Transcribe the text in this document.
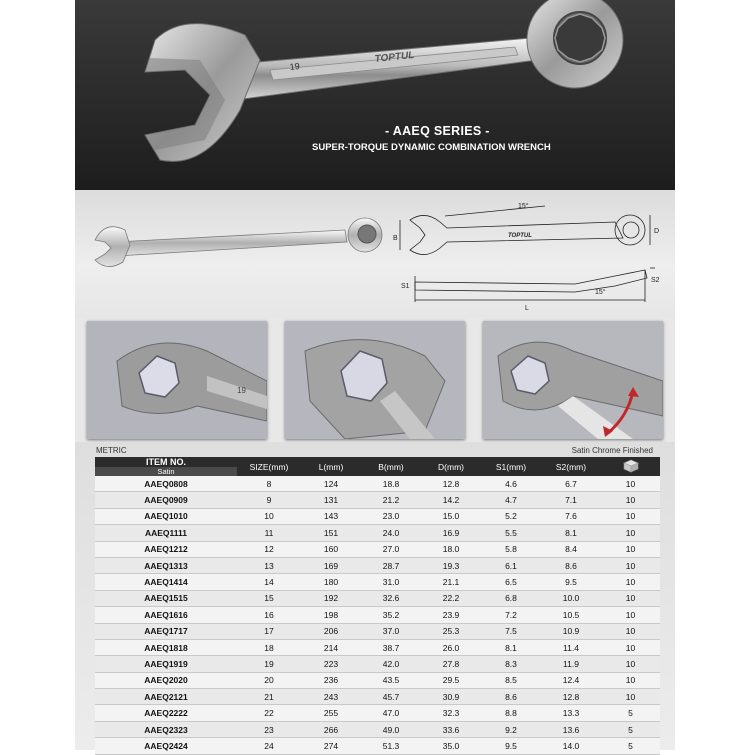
19
TOPTUL
- AAEQ SERIES -
SUPER-TORQUE DYNAMIC COMBINATION WRENCH
15°
B
D
TOPTUL
S1
S2
15°
L
19
METRIC	Satin Chrome Finished
ITEM NO.
Satin	SIZE(mm)	L(mm)	B(mm)	D(mm)	S1(mm)	S2(mm)	
AAEQ0808	8	124	18.8	12.8	4.6	6.7	10
AAEQ0909	9	131	21.2	14.2	4.7	7.1	10
AAEQ1010	10	143	23.0	15.0	5.2	7.6	10
AAEQ1111	11	151	24.0	16.9	5.5	8.1	10
AAEQ1212	12	160	27.0	18.0	5.8	8.4	10
AAEQ1313	13	169	28.7	19.3	6.1	8.6	10
AAEQ1414	14	180	31.0	21.1	6.5	9.5	10
AAEQ1515	15	192	32.6	22.2	6.8	10.0	10
AAEQ1616	16	198	35.2	23.9	7.2	10.5	10
AAEQ1717	17	206	37.0	25.3	7.5	10.9	10
AAEQ1818	18	214	38.7	26.0	8.1	11.4	10
AAEQ1919	19	223	42.0	27.8	8.3	11.9	10
AAEQ2020	20	236	43.5	29.5	8.5	12.4	10
AAEQ2121	21	243	45.7	30.9	8.6	12.8	10
AAEQ2222	22	255	47.0	32.3	8.8	13.3	5
AAEQ2323	23	266	49.0	33.6	9.2	13.6	5
AAEQ2424	24	274	51.3	35.0	9.5	14.0	5
